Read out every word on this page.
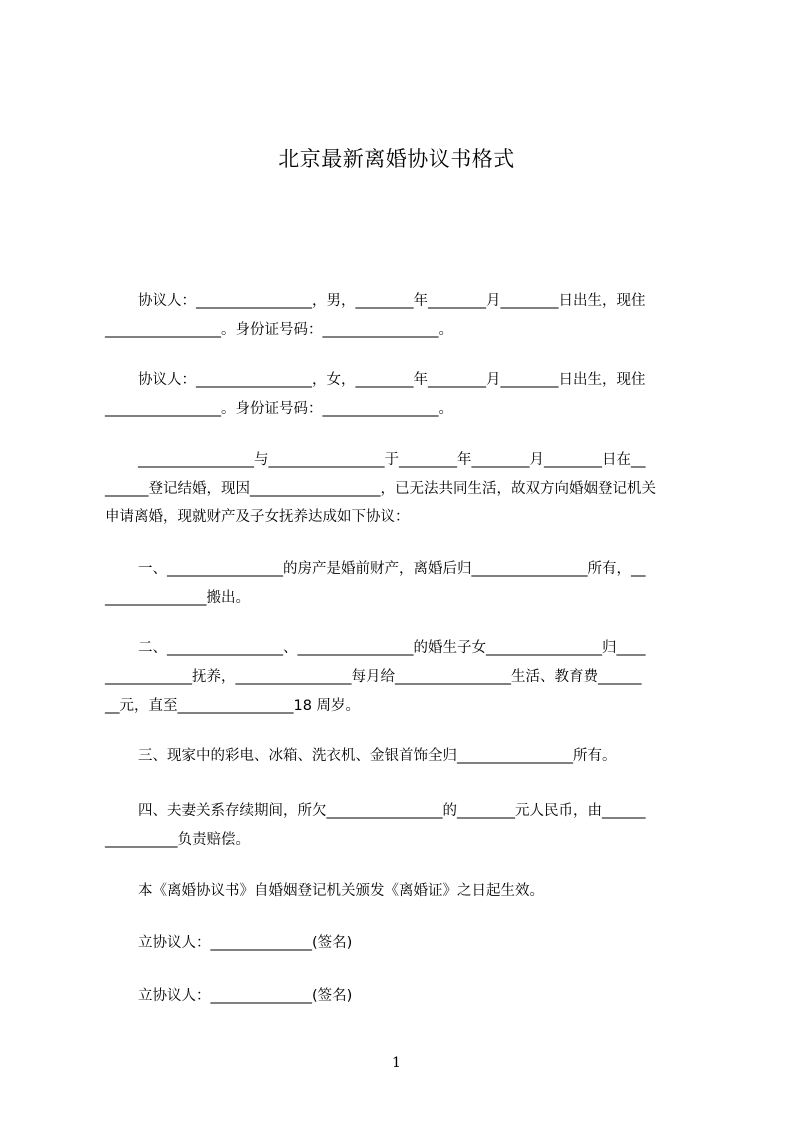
北京最新离婚协议书格式
协议人：________________，男，________年________月________日出生，现住
________________。身份证号码：________________。
协议人：________________，女，________年________月________日出生，现住
________________。身份证号码：________________。
________________与________________于________年________月________日在__
______登记结婚，现因__________________，已无法共同生活，故双方向婚姻登记机关
申请离婚，现就财产及子女抚养达成如下协议：
一、________________的房产是婚前财产，离婚后归________________所有，__
______________搬出。
二、________________、________________的婚生子女________________归____
____________抚养，________________每月给________________生活、教育费______
__元，直至________________18 周岁。
三、现家中的彩电、冰箱、洗衣机、金银首饰全归________________所有。
四、夫妻关系存续期间，所欠________________的________元人民币，由______
__________负责赔偿。
本《离婚协议书》自婚姻登记机关颁发《离婚证》之日起生效。
立协议人：______________(签名)
立协议人：______________(签名)
1
